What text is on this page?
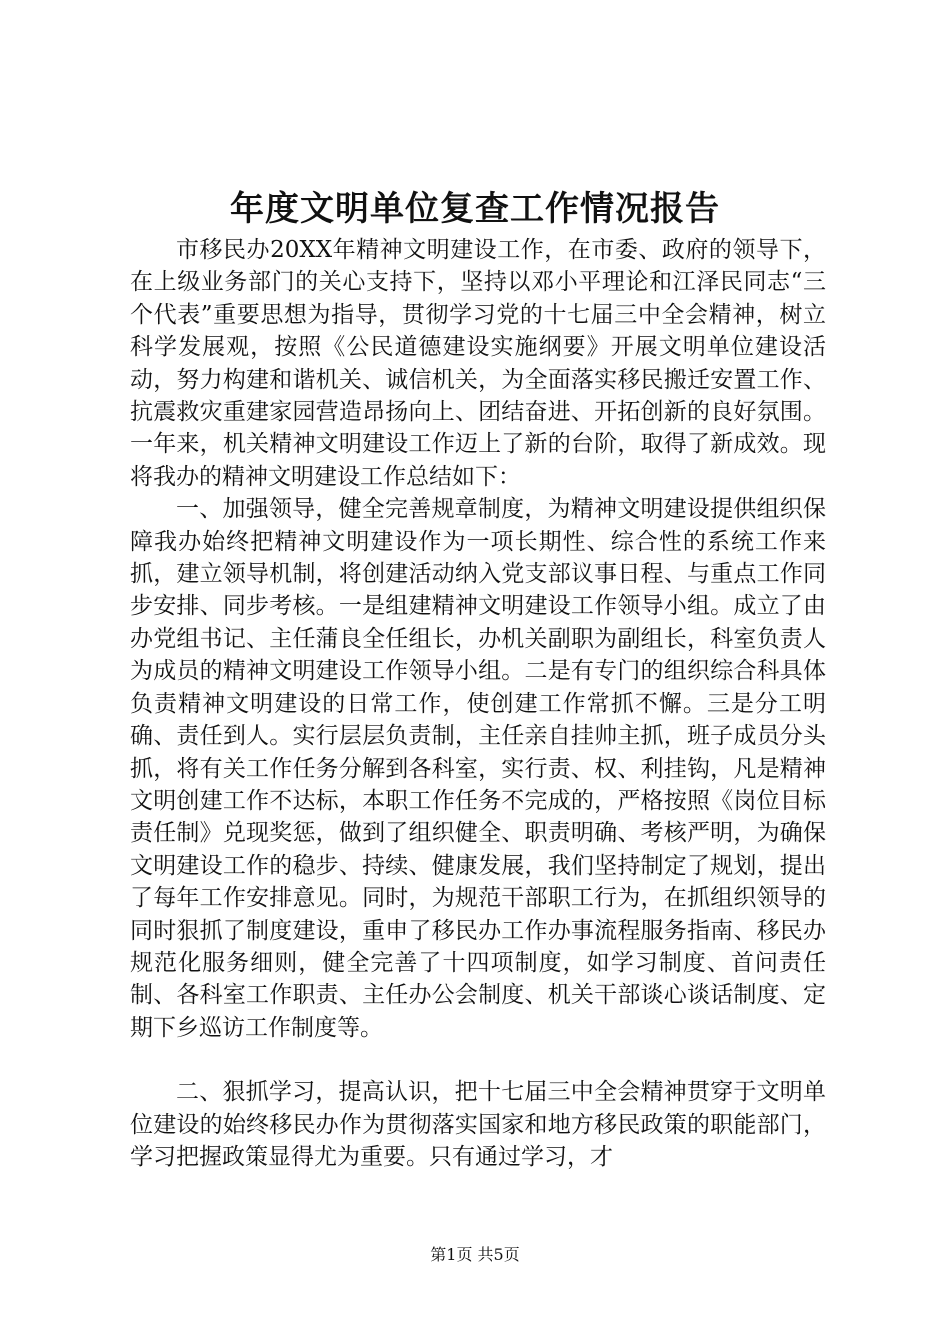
年度文明单位复查工作情况报告

市移民办20XX年精神文明建设工作，在市委、政府的领导下，在上级业务部门的关心支持下，坚持以邓小平理论和江泽民同志“三个代表”重要思想为指导，贯彻学习党的十七届三中全会精神，树立科学发展观，按照《公民道德建设实施纲要》开展文明单位建设活动，努力构建和谐机关、诚信机关，为全面落实移民搬迁安置工作、抗震救灾重建家园营造昂扬向上、团结奋进、开拓创新的良好氛围。一年来，机关精神文明建设工作迈上了新的台阶，取得了新成效。现将我办的精神文明建设工作总结如下：

一、加强领导，健全完善规章制度，为精神文明建设提供组织保障我办始终把精神文明建设作为一项长期性、综合性的系统工作来抓，建立领导机制，将创建活动纳入党支部议事日程、与重点工作同步安排、同步考核。一是组建精神文明建设工作领导小组。成立了由办党组书记、主任蒲良全任组长，办机关副职为副组长，科室负责人为成员的精神文明建设工作领导小组。二是有专门的组织综合科具体负责精神文明建设的日常工作，使创建工作常抓不懈。三是分工明确、责任到人。实行层层负责制，主任亲自挂帅主抓，班子成员分头抓，将有关工作任务分解到各科室，实行责、权、利挂钩，凡是精神文明创建工作不达标，本职工作任务不完成的，严格按照《岗位目标责任制》兑现奖惩，做到了组织健全、职责明确、考核严明，为确保文明建设工作的稳步、持续、健康发展，我们坚持制定了规划，提出了每年工作安排意见。同时，为规范干部职工行为，在抓组织领导的同时狠抓了制度建设，重申了移民办工作办事流程服务指南、移民办规范化服务细则，健全完善了十四项制度，如学习制度、首问责任制、各科室工作职责、主任办公会制度、机关干部谈心谈话制度、定期下乡巡访工作制度等。

二、狠抓学习，提高认识，把十七届三中全会精神贯穿于文明单位建设的始终移民办作为贯彻落实国家和地方移民政策的职能部门，学习把握政策显得尤为重要。只有通过学习，才

第1页 共5页
